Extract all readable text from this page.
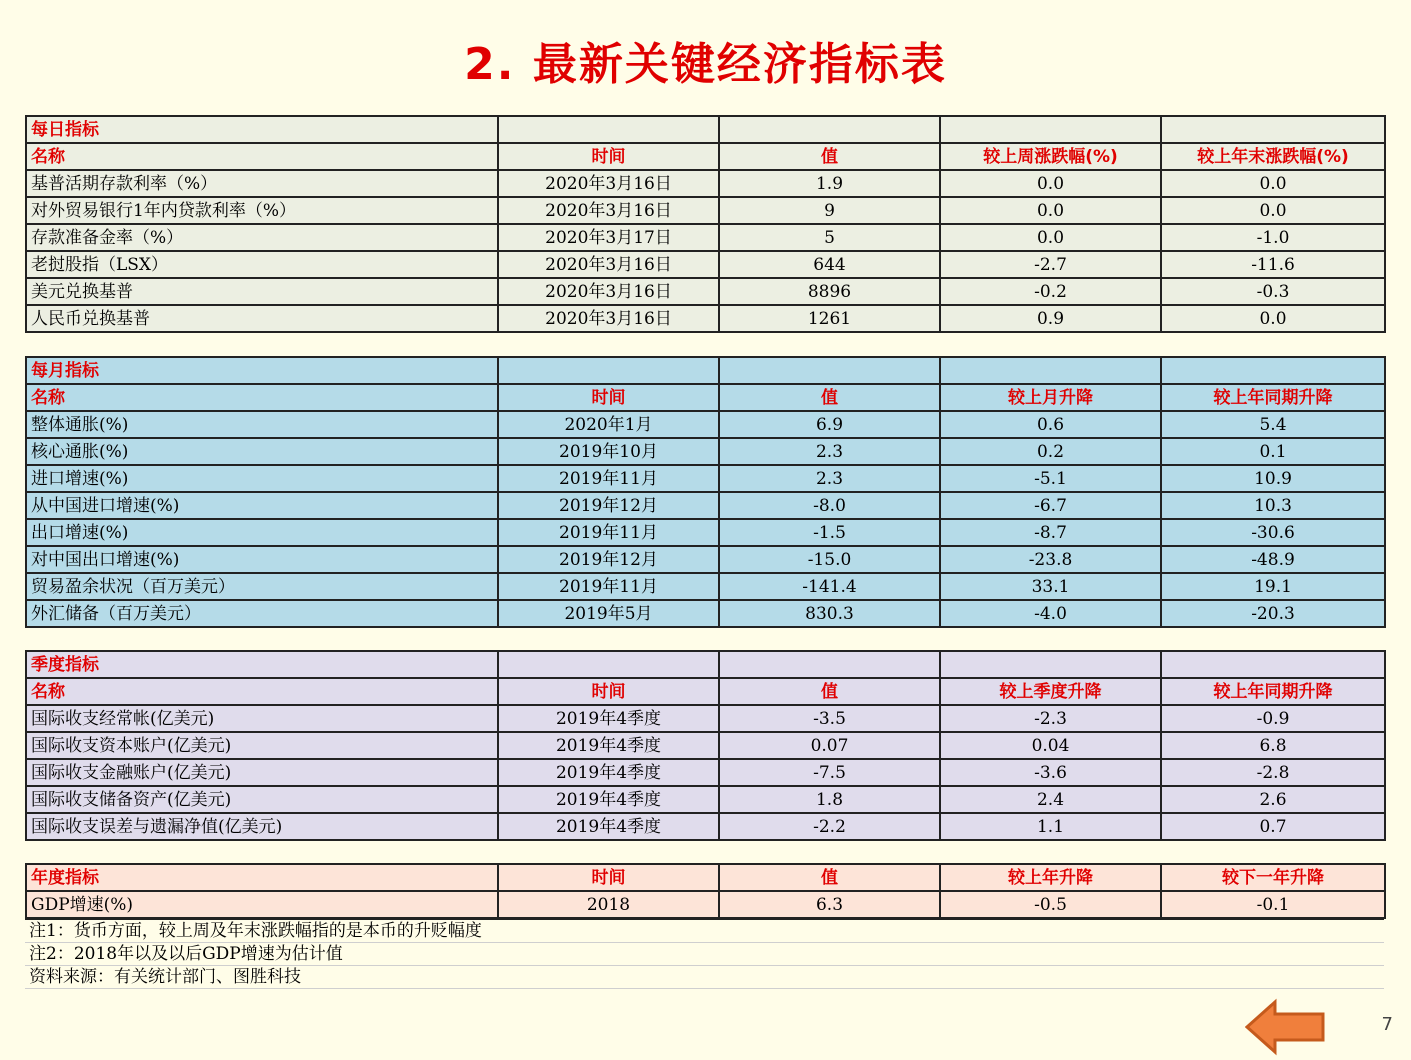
2. 最新关键经济指标表
每日指标				
名称	时间	值	较上周涨跌幅(%)	较上年末涨跌幅(%)
基普活期存款利率（%）	2020年3月16日	1.9	0.0	0.0
对外贸易银行1年内贷款利率（%）	2020年3月16日	9	0.0	0.0
存款准备金率（%）	2020年3月17日	5	0.0	-1.0
老挝股指（LSX）	2020年3月16日	644	-2.7	-11.6
美元兑换基普	2020年3月16日	8896	-0.2	-0.3
人民币兑换基普	2020年3月16日	1261	0.9	0.0
每月指标				
名称	时间	值	较上月升降	较上年同期升降
整体通胀(%)	2020年1月	6.9	0.6	5.4
核心通胀(%)	2019年10月	2.3	0.2	0.1
进口增速(%)	2019年11月	2.3	-5.1	10.9
从中国进口增速(%)	2019年12月	-8.0	-6.7	10.3
出口增速(%)	2019年11月	-1.5	-8.7	-30.6
对中国出口增速(%)	2019年12月	-15.0	-23.8	-48.9
贸易盈余状况（百万美元）	2019年11月	-141.4	33.1	19.1
外汇储备（百万美元）	2019年5月	830.3	-4.0	-20.3
季度指标				
名称	时间	值	较上季度升降	较上年同期升降
国际收支经常帐(亿美元)	2019年4季度	-3.5	-2.3	-0.9
国际收支资本账户(亿美元)	2019年4季度	0.07	0.04	6.8
国际收支金融账户(亿美元)	2019年4季度	-7.5	-3.6	-2.8
国际收支储备资产(亿美元)	2019年4季度	1.8	2.4	2.6
国际收支误差与遗漏净值(亿美元)	2019年4季度	-2.2	1.1	0.7
年度指标	时间	值	较上年升降	较下一年升降
GDP增速(%)	2018	6.3	-0.5	-0.1
注1：货币方面，较上周及年末涨跌幅指的是本币的升贬幅度
注2：2018年以及以后GDP增速为估计值
资料来源：有关统计部门、图胜科技
7
